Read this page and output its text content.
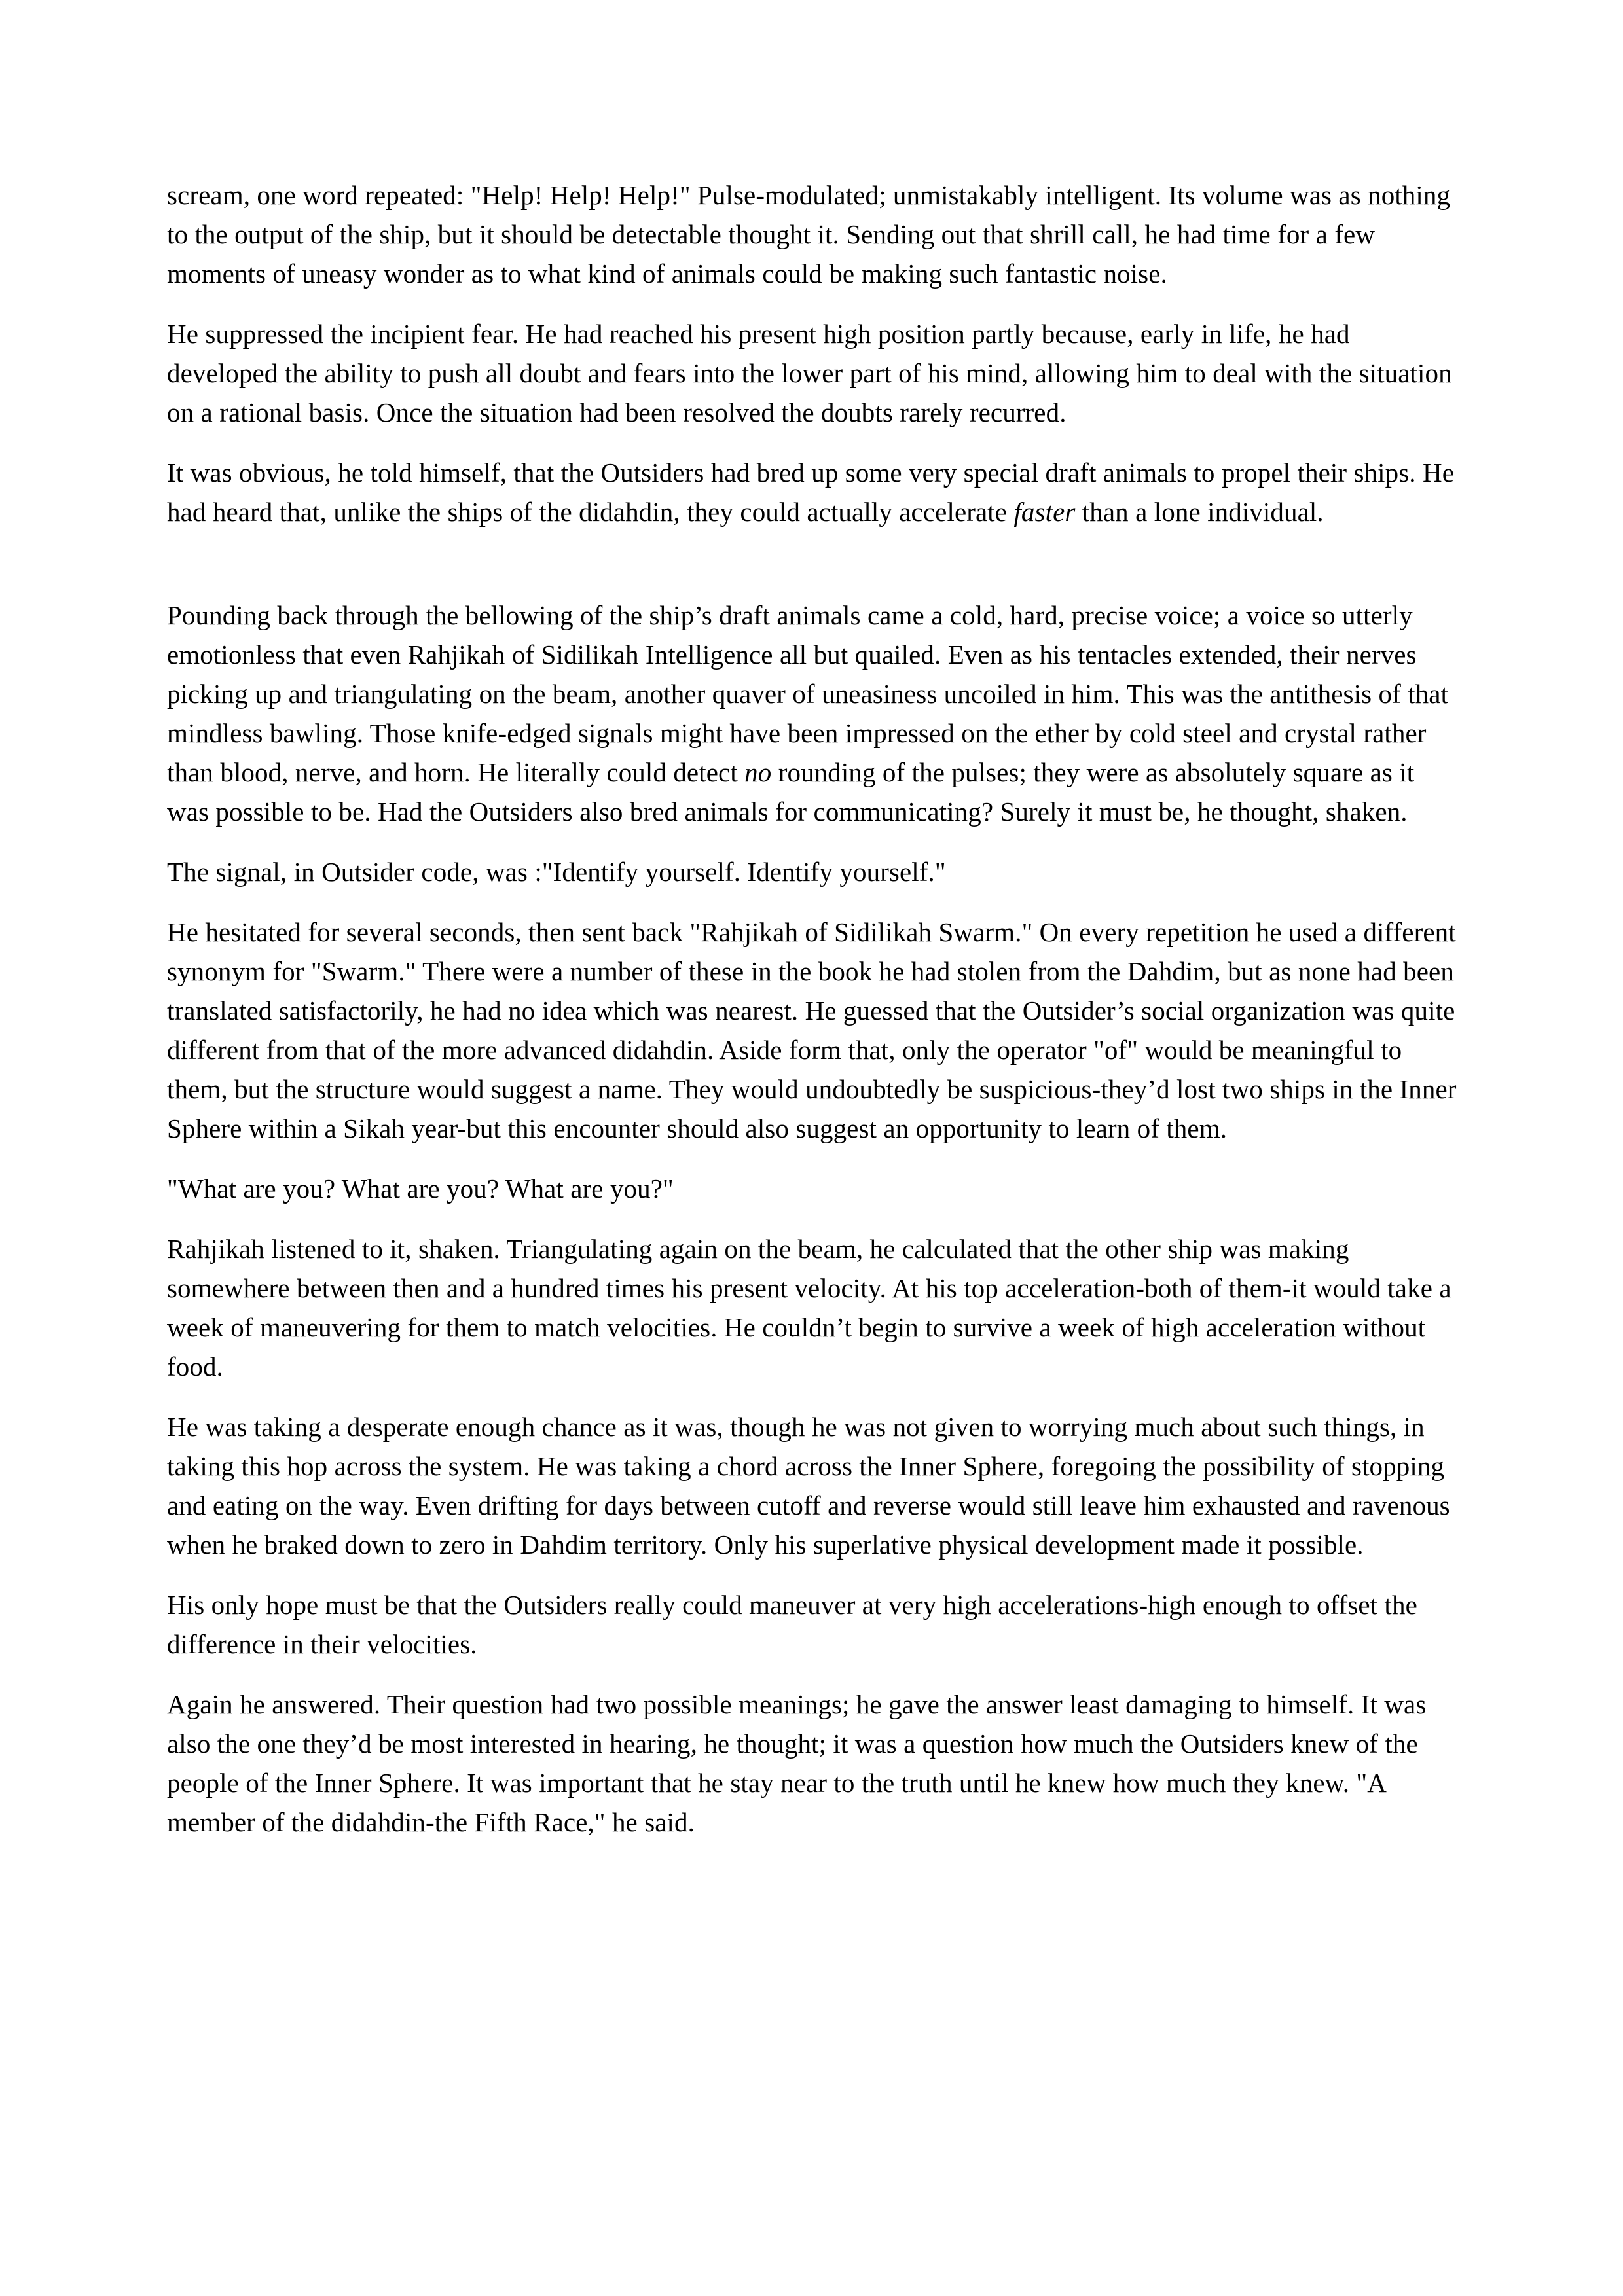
scream, one word repeated: "Help! Help! Help!" Pulse-modulated; unmistakably intelligent. Its volume was as nothing to the output of the ship, but it should be detectable thought it. Sending out that shrill call, he had time for a few moments of uneasy wonder as to what kind of animals could be making such fantastic noise.

He suppressed the incipient fear. He had reached his present high position partly because, early in life, he had developed the ability to push all doubt and fears into the lower part of his mind, allowing him to deal with the situation on a rational basis. Once the situation had been resolved the doubts rarely recurred.

It was obvious, he told himself, that the Outsiders had bred up some very special draft animals to propel their ships. He had heard that, unlike the ships of the didahdin, they could actually accelerate faster than a lone individual.

Pounding back through the bellowing of the ship’s draft animals came a cold, hard, precise voice; a voice so utterly emotionless that even Rahjikah of Sidilikah Intelligence all but quailed. Even as his tentacles extended, their nerves picking up and triangulating on the beam, another quaver of uneasiness uncoiled in him. This was the antithesis of that mindless bawling. Those knife-edged signals might have been impressed on the ether by cold steel and crystal rather than blood, nerve, and horn. He literally could detect no rounding of the pulses; they were as absolutely square as it was possible to be. Had the Outsiders also bred animals for communicating? Surely it must be, he thought, shaken.

The signal, in Outsider code, was :"Identify yourself. Identify yourself."

He hesitated for several seconds, then sent back "Rahjikah of Sidilikah Swarm." On every repetition he used a different synonym for "Swarm." There were a number of these in the book he had stolen from the Dahdim, but as none had been translated satisfactorily, he had no idea which was nearest. He guessed that the Outsider’s social organization was quite different from that of the more advanced didahdin. Aside form that, only the operator "of" would be meaningful to them, but the structure would suggest a name. They would undoubtedly be suspicious-they’d lost two ships in the Inner Sphere within a Sikah year-but this encounter should also suggest an opportunity to learn of them.

"What are you? What are you? What are you?"

Rahjikah listened to it, shaken. Triangulating again on the beam, he calculated that the other ship was making somewhere between then and a hundred times his present velocity. At his top acceleration-both of them-it would take a week of maneuvering for them to match velocities. He couldn’t begin to survive a week of high acceleration without food.

He was taking a desperate enough chance as it was, though he was not given to worrying much about such things, in taking this hop across the system. He was taking a chord across the Inner Sphere, foregoing the possibility of stopping and eating on the way. Even drifting for days between cutoff and reverse would still leave him exhausted and ravenous when he braked down to zero in Dahdim territory. Only his superlative physical development made it possible.

His only hope must be that the Outsiders really could maneuver at very high accelerations-high enough to offset the difference in their velocities.

Again he answered. Their question had two possible meanings; he gave the answer least damaging to himself. It was also the one they’d be most interested in hearing, he thought; it was a question how much the Outsiders knew of the people of the Inner Sphere. It was important that he stay near to the truth until he knew how much they knew. "A member of the didahdin-the Fifth Race," he said.
